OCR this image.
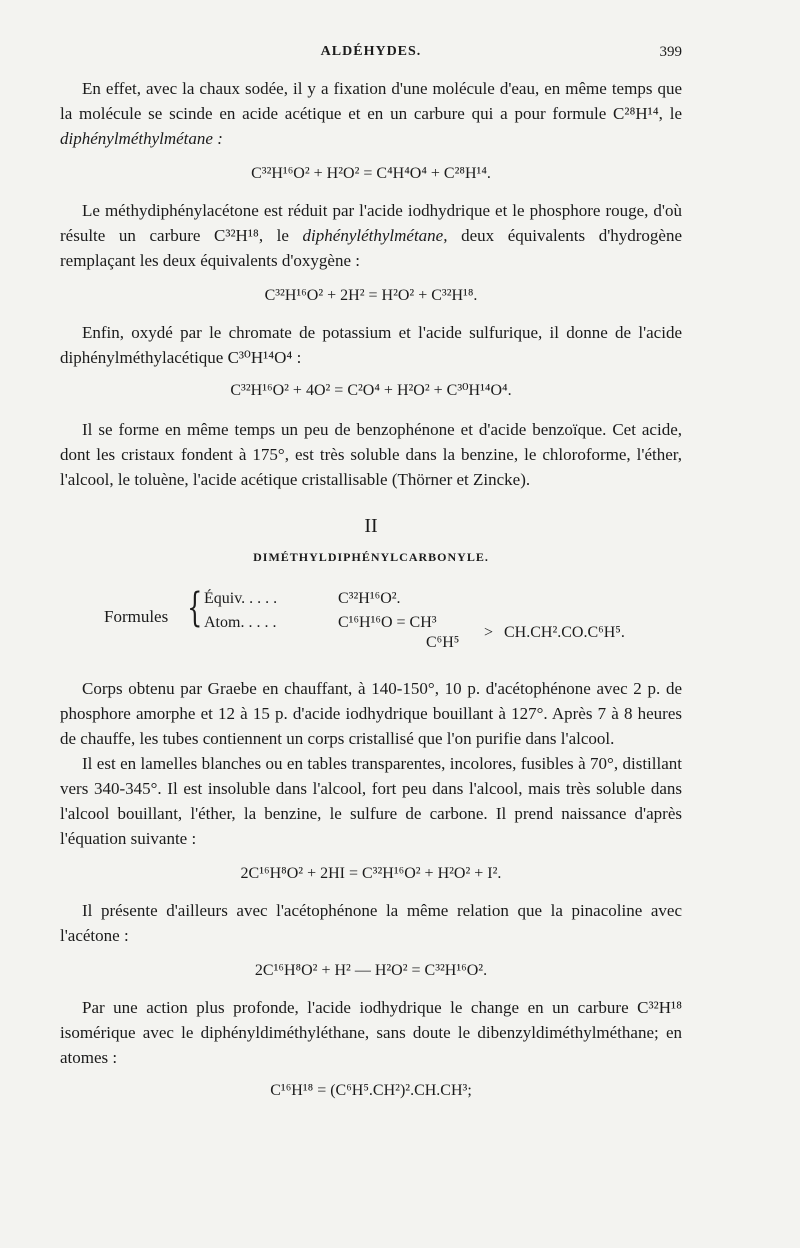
ALDÉHYDES.	399

En effet, avec la chaux sodée, il y a fixation d'une molécule d'eau, en même temps que la molécule se scinde en acide acétique et en un carbure qui a pour formule C²⁸H¹⁴, le diphénylméthylmétane :

C³²H¹⁶O² + H²O² = C⁴H⁴O⁴ + C²⁸H¹⁴.

Le méthydiphénylacétone est réduit par l'acide iodhydrique et le phosphore rouge, d'où résulte un carbure C³²H¹⁸, le diphényléthylmétane, deux équivalents d'hydrogène remplaçant les deux équivalents d'oxygène :

C³²H¹⁶O² + 2H² = H²O² + C³²H¹⁸.

Enfin, oxydé par le chromate de potassium et l'acide sulfurique, il donne de l'acide diphénylméthylacétique C³⁰H¹⁴O⁴ :

C³²H¹⁶O² + 4O² = C²O⁴ + H²O² + C³⁰H¹⁴O⁴.

Il se forme en même temps un peu de benzophénone et d'acide benzoïque. Cet acide, dont les cristaux fondent à 175°, est très soluble dans la benzine, le chloroforme, l'éther, l'alcool, le toluène, l'acide acétique cristallisable (Thörner et Zincke).

II
DIMÉTHYLDIPHÉNYLCARBONYLE.
Formules { Équiv. . . . .	C³²H¹⁶O².
Atom. . . . .	C¹⁶H¹⁶O = CH³
C⁶H⁵
> CH.CH².CO.C⁶H⁵.

Corps obtenu par Graebe en chauffant, à 140-150°, 10 p. d'acétophénone avec 2 p. de phosphore amorphe et 12 à 15 p. d'acide iodhydrique bouillant à 127°. Après 7 à 8 heures de chauffe, les tubes contiennent un corps cristallisé que l'on purifie dans l'alcool.

Il est en lamelles blanches ou en tables transparentes, incolores, fusibles à 70°, distillant vers 340-345°. Il est insoluble dans l'alcool, fort peu dans l'alcool, mais très soluble dans l'alcool bouillant, l'éther, la benzine, le sulfure de carbone. Il prend naissance d'après l'équation suivante :

2C¹⁶H⁸O² + 2HI = C³²H¹⁶O² + H²O² + I².

Il présente d'ailleurs avec l'acétophénone la même relation que la pinacoline avec l'acétone :

2C¹⁶H⁸O² + H² — H²O² = C³²H¹⁶O².

Par une action plus profonde, l'acide iodhydrique le change en un carbure C³²H¹⁸ isomérique avec le diphényldiméthyléthane, sans doute le dibenzyldiméthylméthane; en atomes :

C¹⁶H¹⁸ = (C⁶H⁵.CH²)².CH.CH³;
